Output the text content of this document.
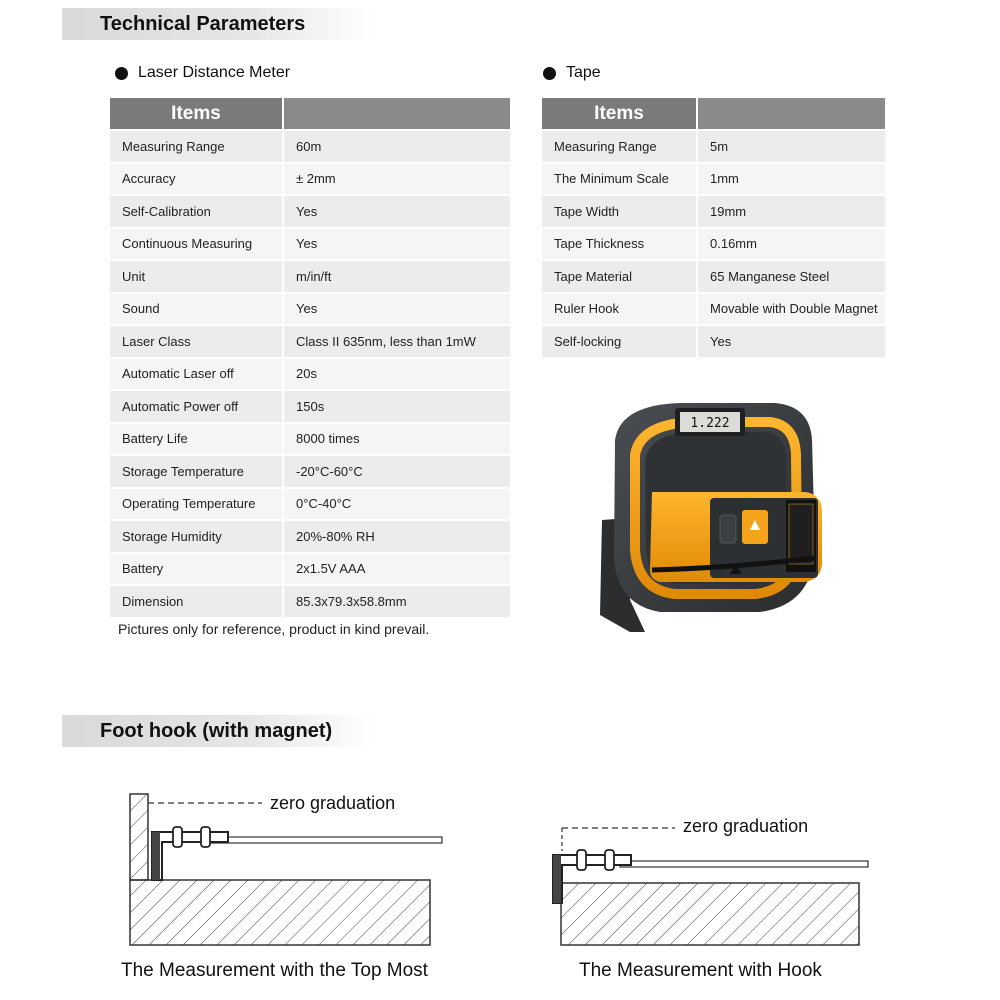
Technical Parameters
Laser Distance Meter	Tape
Items	
Measuring Range	60m
Accuracy	± 2mm
Self-Calibration	Yes
Continuous Measuring	Yes
Unit	m/in/ft
Sound	Yes
Laser Class	Class II 635nm, less than 1mW
Automatic Laser off	20s
Automatic Power off	150s
Battery Life	8000 times
Storage Temperature	-20°C-60°C
Operating Temperature	0°C-40°C
Storage Humidity	20%-80% RH
Battery	2x1.5V AAA
Dimension	85.3x79.3x58.8mm
Items	
Measuring Range	5m
The Minimum Scale	1mm
Tape Width	19mm
Tape Thickness	0.16mm
Tape Material	65 Manganese Steel
Ruler Hook	Movable with Double Magnet
Self-locking	Yes
Pictures only for reference, product in kind prevail.
1.222
Foot hook (with magnet)
zero graduation
The Measurement with the Top Most
zero graduation
The Measurement with Hook
